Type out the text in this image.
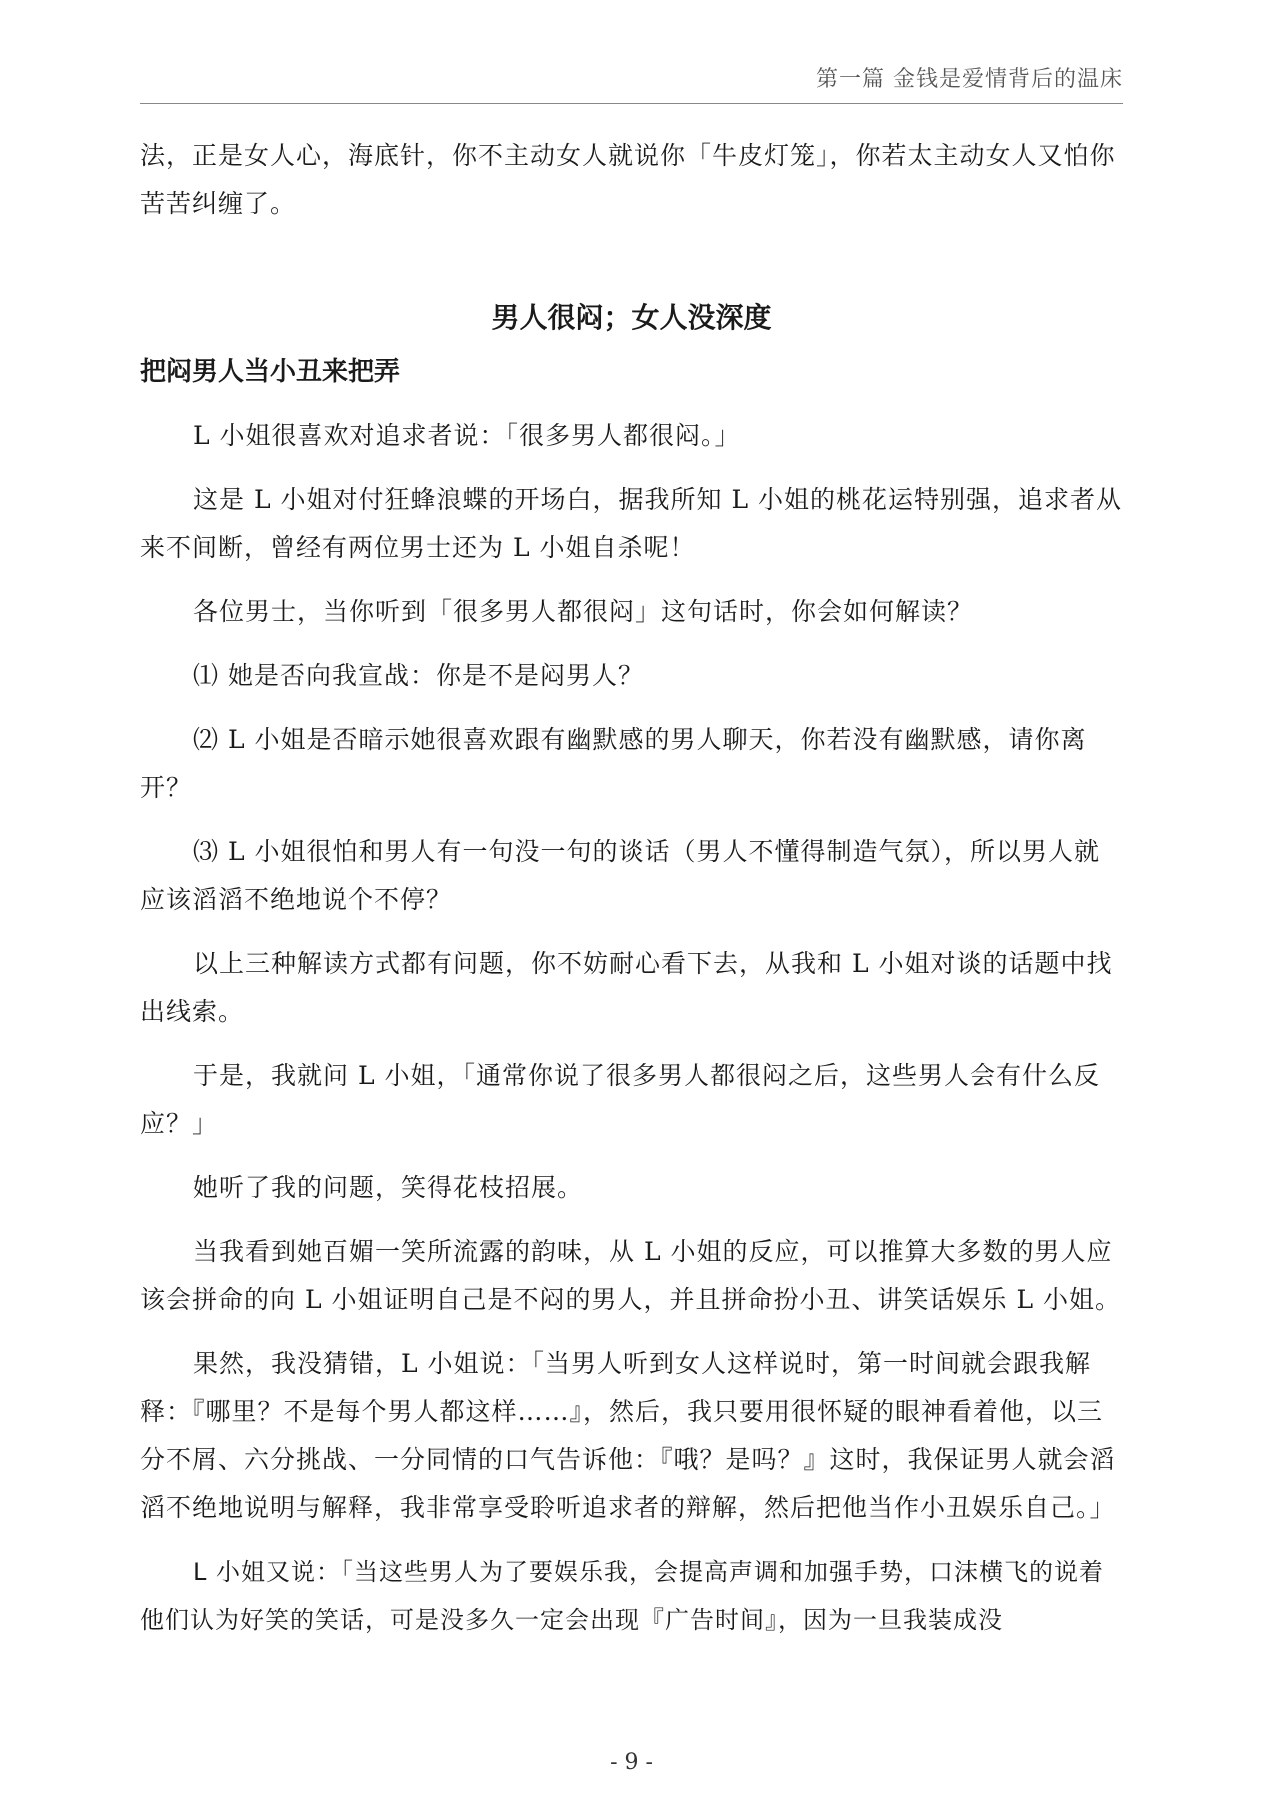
第一篇 金钱是爱情背后的温床

法，正是女人心，海底针，你不主动女人就说你「牛皮灯笼」，你若太主动女人又怕你苦苦纠缠了。

男人很闷；女人没深度
把闷男人当小丑来把弄

L 小姐很喜欢对追求者说：「很多男人都很闷。」

这是 L 小姐对付狂蜂浪蝶的开场白，据我所知 L 小姐的桃花运特别强，追求者从来不间断，曾经有两位男士还为 L 小姐自杀呢！

各位男士，当你听到「很多男人都很闷」这句话时，你会如何解读？

⑴ 她是否向我宣战：你是不是闷男人？

⑵ L 小姐是否暗示她很喜欢跟有幽默感的男人聊天，你若没有幽默感，请你离开？

⑶ L 小姐很怕和男人有一句没一句的谈话（男人不懂得制造气氛），所以男人就应该滔滔不绝地说个不停？

以上三种解读方式都有问题，你不妨耐心看下去，从我和 L 小姐对谈的话题中找出线索。

于是，我就问 L 小姐，「通常你说了很多男人都很闷之后，这些男人会有什么反应？」

她听了我的问题，笑得花枝招展。

当我看到她百媚一笑所流露的韵味，从 L 小姐的反应，可以推算大多数的男人应该会拼命的向 L 小姐证明自己是不闷的男人，并且拼命扮小丑、讲笑话娱乐 L 小姐。

果然，我没猜错，L 小姐说：「当男人听到女人这样说时，第一时间就会跟我解释：『哪里？不是每个男人都这样……』，然后，我只要用很怀疑的眼神看着他，以三分不屑、六分挑战、一分同情的口气告诉他：『哦？是吗？』这时，我保证男人就会滔滔不绝地说明与解释，我非常享受聆听追求者的辩解，然后把他当作小丑娱乐自己。」

L 小姐又说：「当这些男人为了要娱乐我，会提高声调和加强手势，口沫横飞的说着他们认为好笑的笑话，可是没多久一定会出现『广告时间』，因为一旦我装成没

- 9 -
